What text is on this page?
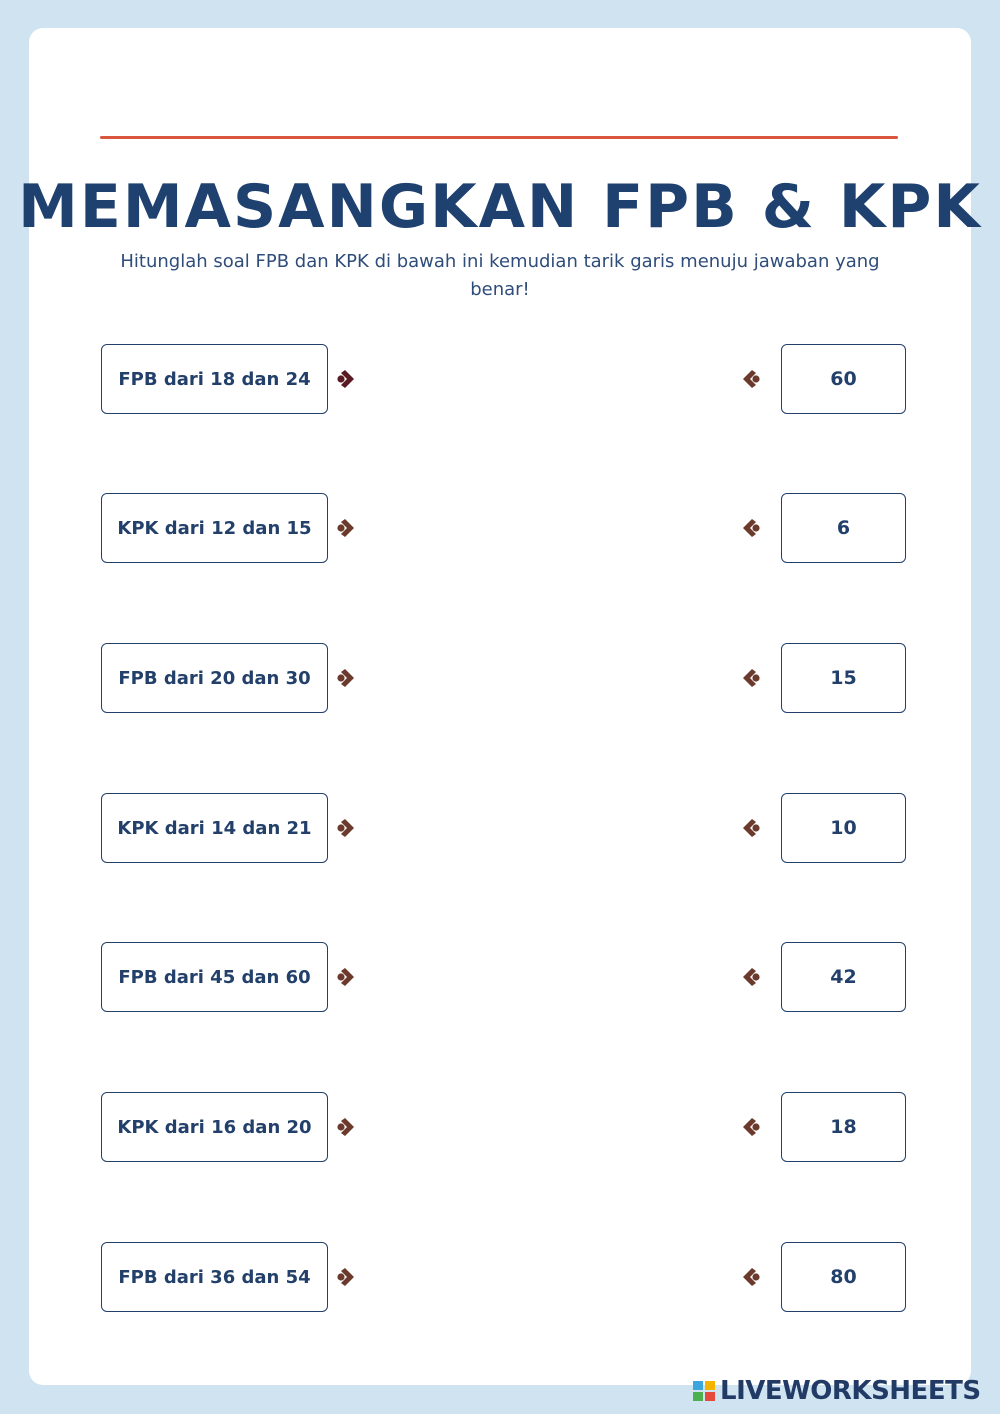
MEMASANGKAN FPB & KPK
Hitunglah soal FPB dan KPK di bawah ini kemudian tarik garis menuju jawaban yang benar!
FPB dari 18 dan 24	60
KPK dari 12 dan 15	6
FPB dari 20 dan 30	15
KPK dari 14 dan 21	10
FPB dari 45 dan 60	42
KPK dari 16 dan 20	18
FPB dari 36 dan 54	80
LIVEWORKSHEETS
